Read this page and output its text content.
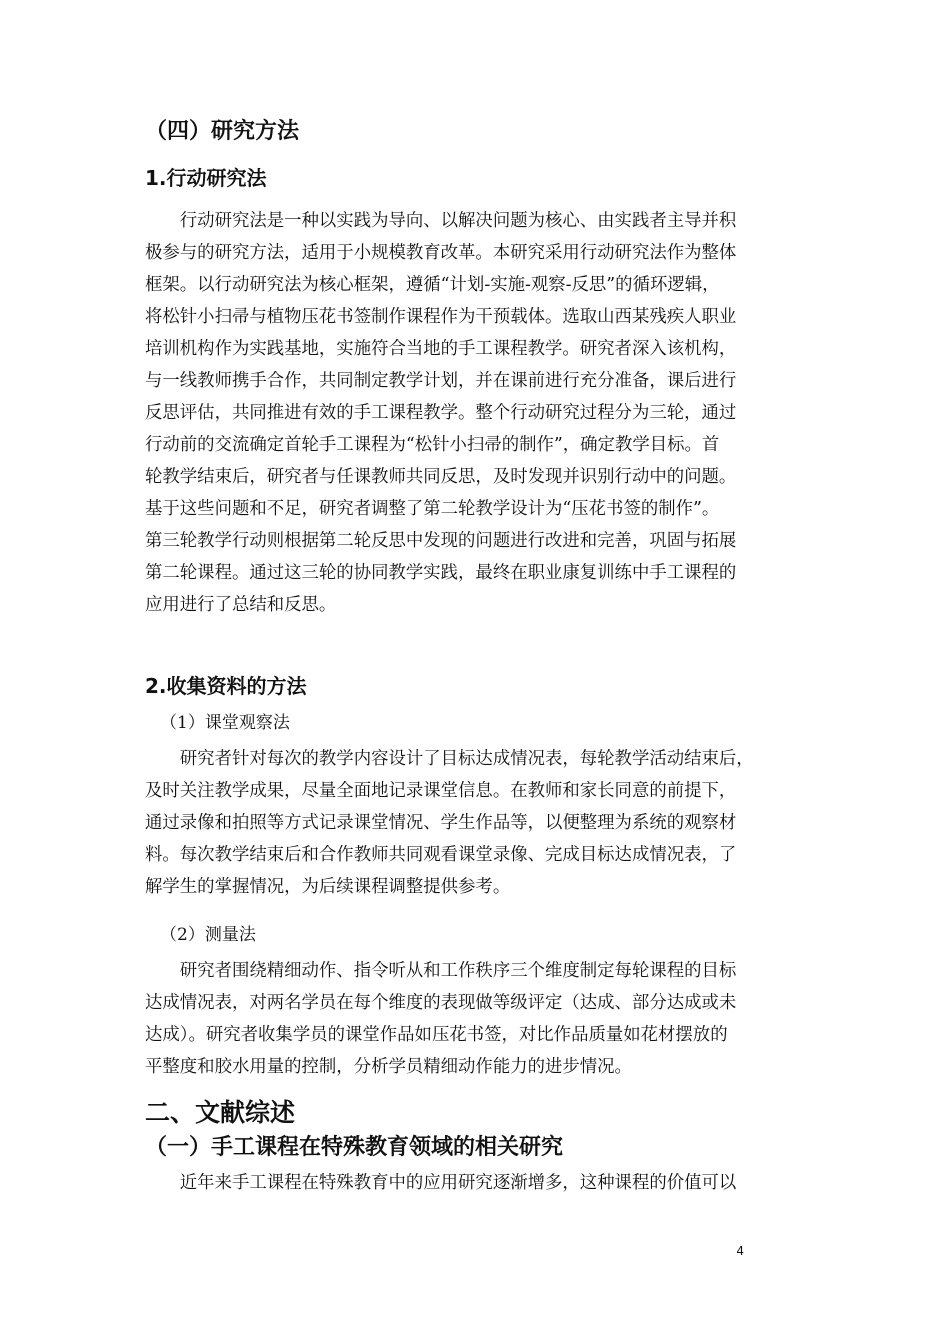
（四）研究方法
1.行动研究法
　　行动研究法是一种以实践为导向、以解决问题为核心、由实践者主导并积
极参与的研究方法，适用于小规模教育改革。本研究采用行动研究法作为整体
框架。以行动研究法为核心框架，遵循“计划-实施-观察-反思”的循环逻辑，
将松针小扫帚与植物压花书签制作课程作为干预载体。选取山西某残疾人职业
培训机构作为实践基地，实施符合当地的手工课程教学。研究者深入该机构，
与一线教师携手合作，共同制定教学计划，并在课前进行充分准备，课后进行
反思评估，共同推进有效的手工课程教学。整个行动研究过程分为三轮，通过
行动前的交流确定首轮手工课程为“松针小扫帚的制作”，确定教学目标。首
轮教学结束后，研究者与任课教师共同反思，及时发现并识别行动中的问题。
基于这些问题和不足，研究者调整了第二轮教学设计为“压花书签的制作”。
第三轮教学行动则根据第二轮反思中发现的问题进行改进和完善，巩固与拓展
第二轮课程。通过这三轮的协同教学实践，最终在职业康复训练中手工课程的
应用进行了总结和反思。
2.收集资料的方法
（1）课堂观察法
　　研究者针对每次的教学内容设计了目标达成情况表，每轮教学活动结束后，
及时关注教学成果，尽量全面地记录课堂信息。在教师和家长同意的前提下，
通过录像和拍照等方式记录课堂情况、学生作品等，以便整理为系统的观察材
料。每次教学结束后和合作教师共同观看课堂录像、完成目标达成情况表，了
解学生的掌握情况，为后续课程调整提供参考。
（2）测量法
　　研究者围绕精细动作、指令听从和工作秩序三个维度制定每轮课程的目标
达成情况表，对两名学员在每个维度的表现做等级评定（达成、部分达成或未
达成）。研究者收集学员的课堂作品如压花书签，对比作品质量如花材摆放的
平整度和胶水用量的控制，分析学员精细动作能力的进步情况。
二、文献综述
（一）手工课程在特殊教育领域的相关研究
　　近年来手工课程在特殊教育中的应用研究逐渐增多，这种课程的价值可以
4
